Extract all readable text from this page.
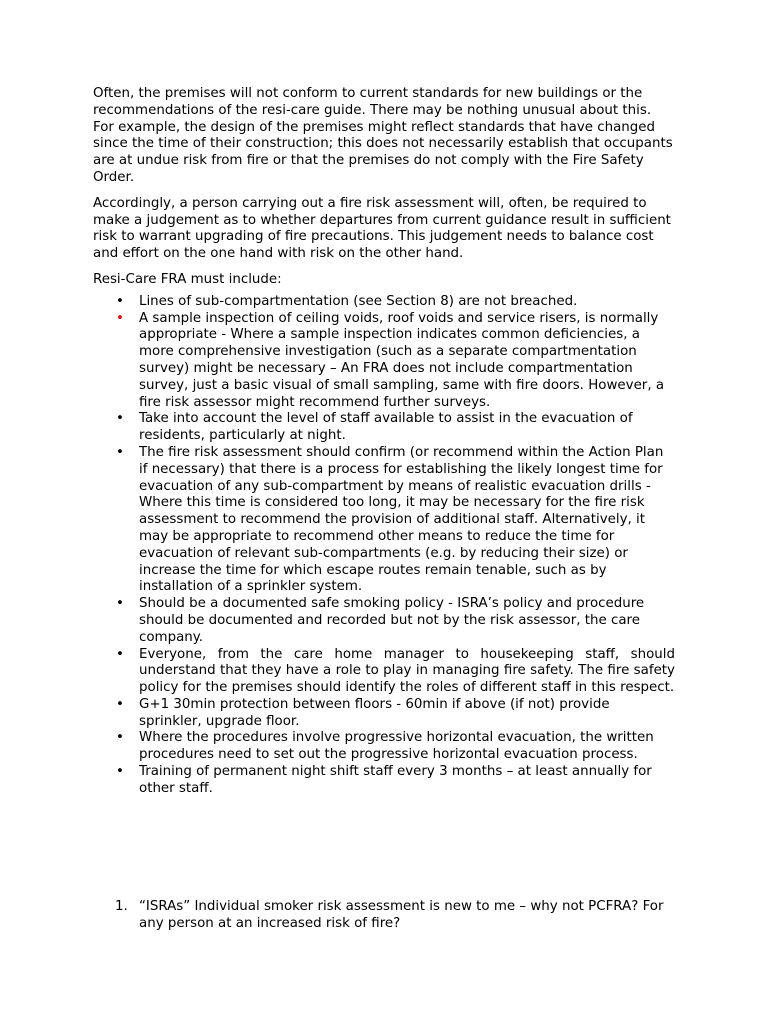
Often, the premises will not conform to current standards for new buildings or the recommendations of the resi-care guide. There may be nothing unusual about this. For example, the design of the premises might reflect standards that have changed since the time of their construction; this does not necessarily establish that occupants are at undue risk from fire or that the premises do not comply with the Fire Safety Order.

Accordingly, a person carrying out a fire risk assessment will, often, be required to make a judgement as to whether departures from current guidance result in sufficient risk to warrant upgrading of fire precautions. This judgement needs to balance cost and effort on the one hand with risk on the other hand.

Resi-Care FRA must include:

• Lines of sub-compartmentation (see Section 8) are not breached.
• A sample inspection of ceiling voids, roof voids and service risers, is normally appropriate - Where a sample inspection indicates common deficiencies, a more comprehensive investigation (such as a separate compartmentation survey) might be necessary – An FRA does not include compartmentation survey, just a basic visual of small sampling, same with fire doors. However, a fire risk assessor might recommend further surveys.
• Take into account the level of staff available to assist in the evacuation of residents, particularly at night.
• The fire risk assessment should confirm (or recommend within the Action Plan if necessary) that there is a process for establishing the likely longest time for evacuation of any sub-compartment by means of realistic evacuation drills - Where this time is considered too long, it may be necessary for the fire risk assessment to recommend the provision of additional staff. Alternatively, it may be appropriate to recommend other means to reduce the time for evacuation of relevant sub-compartments (e.g. by reducing their size) or increase the time for which escape routes remain tenable, such as by installation of a sprinkler system.
• Should be a documented safe smoking policy - ISRA’s policy and procedure should be documented and recorded but not by the risk assessor, the care company.
• Everyone, from the care home manager to housekeeping staff, should understand that they have a role to play in managing fire safety. The fire safety policy for the premises should identify the roles of different staff in this respect.
• G+1 30min protection between floors - 60min if above (if not) provide sprinkler, upgrade floor.
• Where the procedures involve progressive horizontal evacuation, the written procedures need to set out the progressive horizontal evacuation process.
• Training of permanent night shift staff every 3 months – at least annually for other staff.
1. “ISRAs” Individual smoker risk assessment is new to me – why not PCFRA? For any person at an increased risk of fire?
